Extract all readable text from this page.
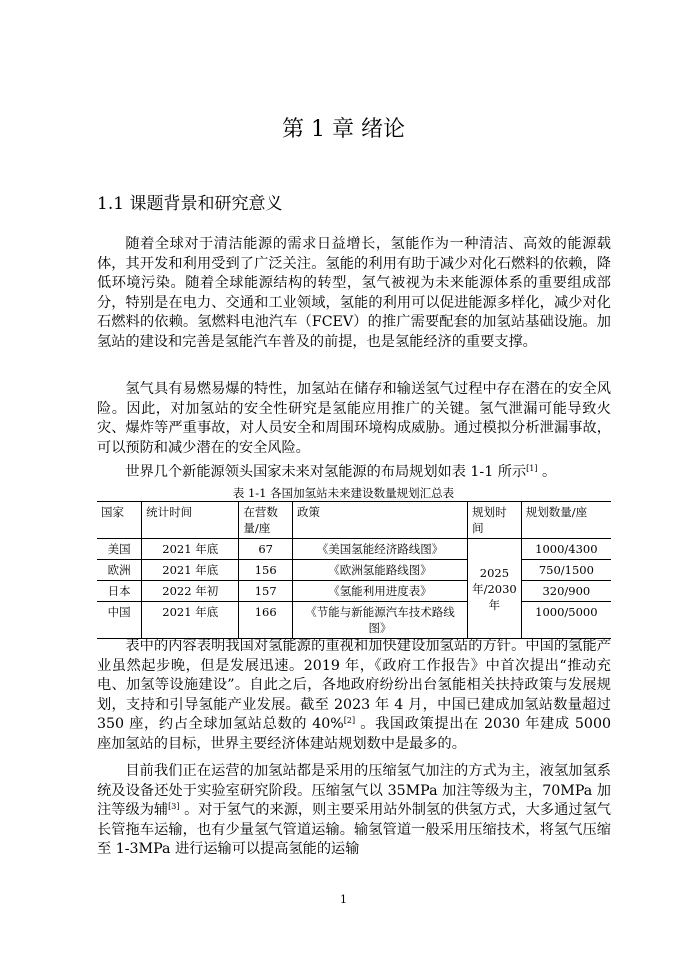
第 1 章 绪论
1.1 课题背景和研究意义

随着全球对于清洁能源的需求日益增长，氢能作为一种清洁、高效的能源载体，其开发和利用受到了广泛关注。氢能的利用有助于减少对化石燃料的依赖，降低环境污染。随着全球能源结构的转型，氢气被视为未来能源体系的重要组成部分，特别是在电力、交通和工业领域，氢能的利用可以促进能源多样化，减少对化石燃料的依赖。氢燃料电池汽车（FCEV）的推广需要配套的加氢站基础设施。加氢站的建设和完善是氢能汽车普及的前提，也是氢能经济的重要支撑。

氢气具有易燃易爆的特性，加氢站在储存和输送氢气过程中存在潜在的安全风险。因此，对加氢站的安全性研究是氢能应用推广的关键。氢气泄漏可能导致火灾、爆炸等严重事故，对人员安全和周围环境构成威胁。通过模拟分析泄漏事故，可以预防和减少潜在的安全风险。

世界几个新能源领头国家未来对氢能源的布局规划如表 1-1 所示[1] 。

表 1-1 各国加氢站未来建设数量规划汇总表

国家	统计时间	在营数量/座	政策	规划时间	规划数量/座
美国	2021 年底	67	《美国氢能经济路线图》	2025年/2030年	1000/4300
欧洲	2021 年底	156	《欧洲氢能路线图》		750/1500
日本	2022 年初	157	《氢能利用进度表》		320/900
中国	2021 年底	166	《节能与新能源汽车技术路线图》		1000/5000

表中的内容表明我国对氢能源的重视和加快建设加氢站的方针。中国的氢能产业虽然起步晚，但是发展迅速。2019 年，《政府工作报告》中首次提出“推动充电、加氢等设施建设”。自此之后，各地政府纷纷出台氢能相关扶持政策与发展规划，支持和引导氢能产业发展。截至 2023 年 4 月，中国已建成加氢站数量超过 350 座，约占全球加氢站总数的 40%[2] 。我国政策提出在 2030 年建成 5000 座加氢站的目标，世界主要经济体建站规划数中是最多的。

目前我们正在运营的加氢站都是采用的压缩氢气加注的方式为主，液氢加氢系统及设备还处于实验室研究阶段。压缩氢气以 35MPa 加注等级为主，70MPa 加注等级为辅[3] 。对于氢气的来源，则主要采用站外制氢的供氢方式，大多通过氢气长管拖车运输，也有少量氢气管道运输。输氢管道一般采用压缩技术，将氢气压缩至 1-3MPa 进行运输可以提高氢能的运输

1
